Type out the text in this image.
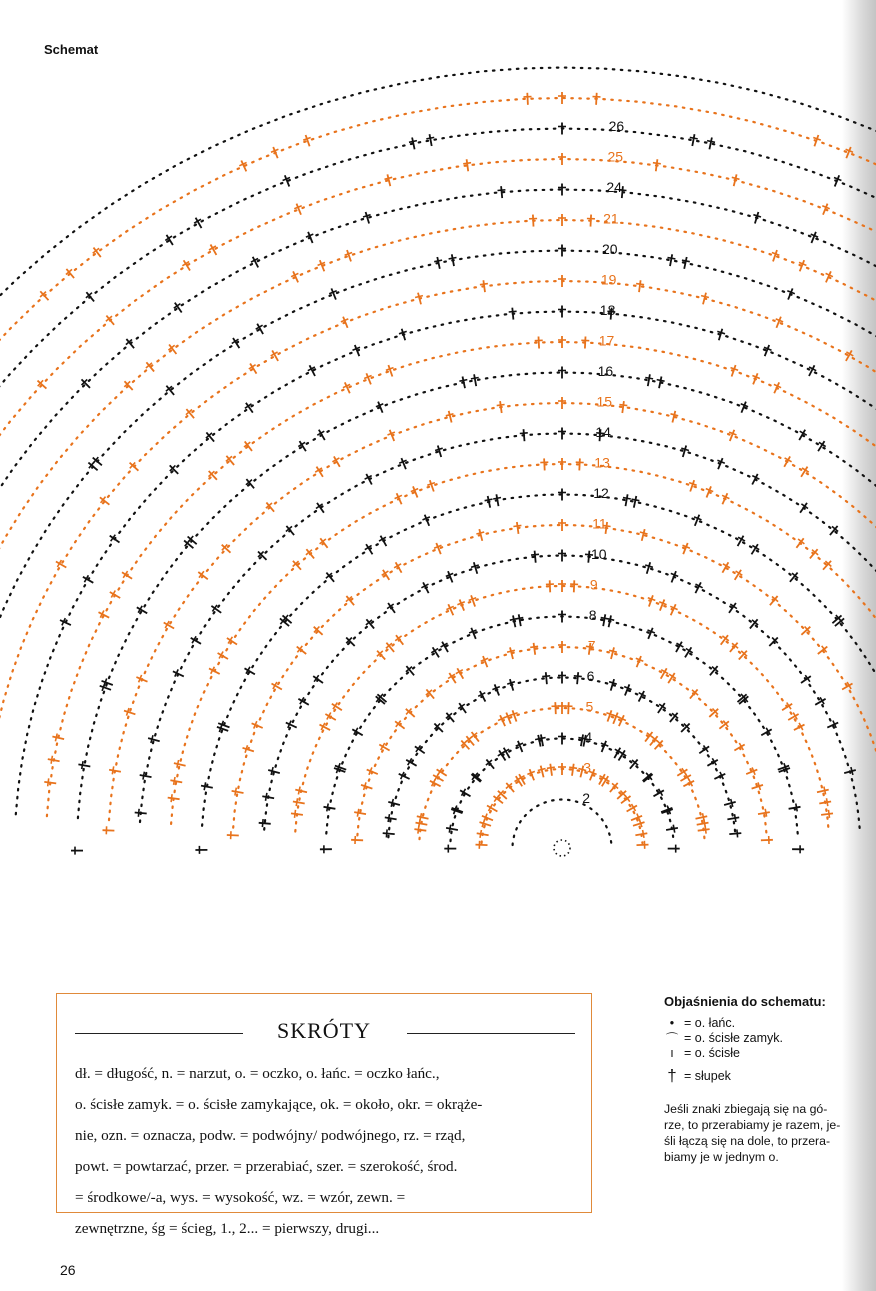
Schemat
2
3
4
5
6
7
8
9
10
11
12
13
14
15
16
17
18
19
20
21
24
25
26
SKRÓTY
dł. = długość, n. = narzut, o. = oczko, o. łańc. = oczko łańc.,
o. ścisłe zamyk. = o. ścisłe zamykające, ok. = około, okr. = okrąże-
nie, ozn. = oznacza, podw. = podwójny/ podwójnego, rz. = rząd,
powt. = powtarzać, przer. = przerabiać, szer. = szerokość, środ.
= środkowe/-a, wys. = wysokość, wz. = wzór, zewn. =
zewnętrzne, śg = ścieg, 1., 2... = pierwszy, drugi...
Objaśnienia do schematu:
• = o. łańc.
⌒ = o. ścisłe zamyk.
ı = o. ścisłe
† = słupek
Jeśli znaki zbiegają się na gó-
rze, to przerabiamy je razem, je-
śli łączą się na dole, to przera-
biamy je w jednym o.
26
